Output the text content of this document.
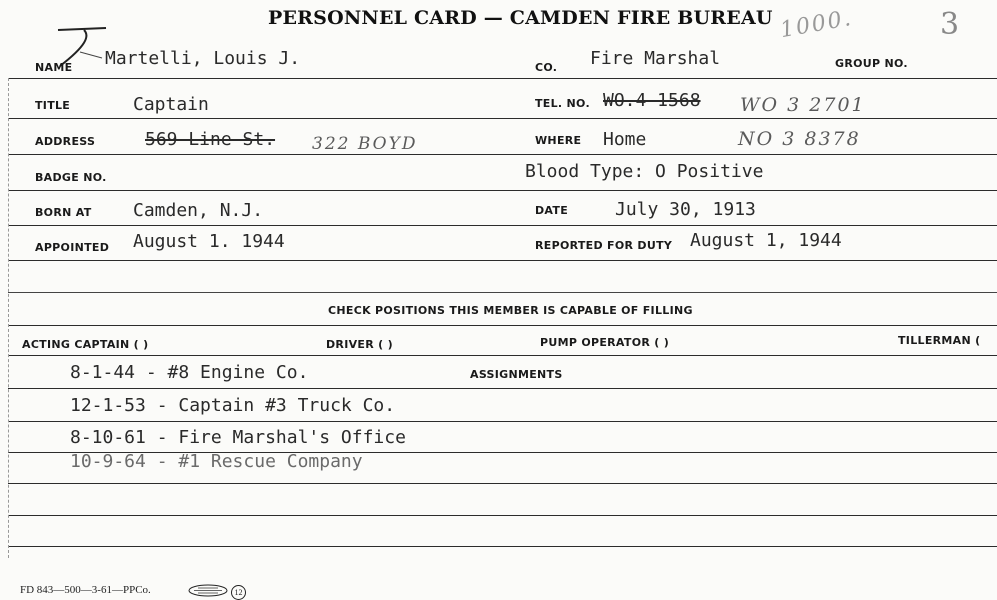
PERSONNEL CARD — CAMDEN FIRE BUREAU 1000.	3
NAME Martelli, Louis J.	CO. Fire Marshal	GROUP NO.
TITLE	Captain	TEL. NO. WO.4-1568 WO 3 2701
ADDRESS	569 Line St. 322 BOYD	WHERE Home	NO 3 8378
BADGE NO.	Blood Type: O Positive
BORN AT Camden, N.J.	DATE	July 30, 1913
APPOINTED August 1. 1944	REPORTED FOR DUTY August 1, 1944
CHECK POSITIONS THIS MEMBER IS CAPABLE OF FILLING
ACTING CAPTAIN ( )	DRIVER ( )	PUMP OPERATOR ( )	TILLERMAN (
8-1-44 - #8 Engine Co.	ASSIGNMENTS
12-1-53 - Captain #3 Truck Co.
8-10-61 - Fire Marshal's Office
10-9-64 - #1 Rescue Company
FD 843—500—3-61—PPCo.	12
